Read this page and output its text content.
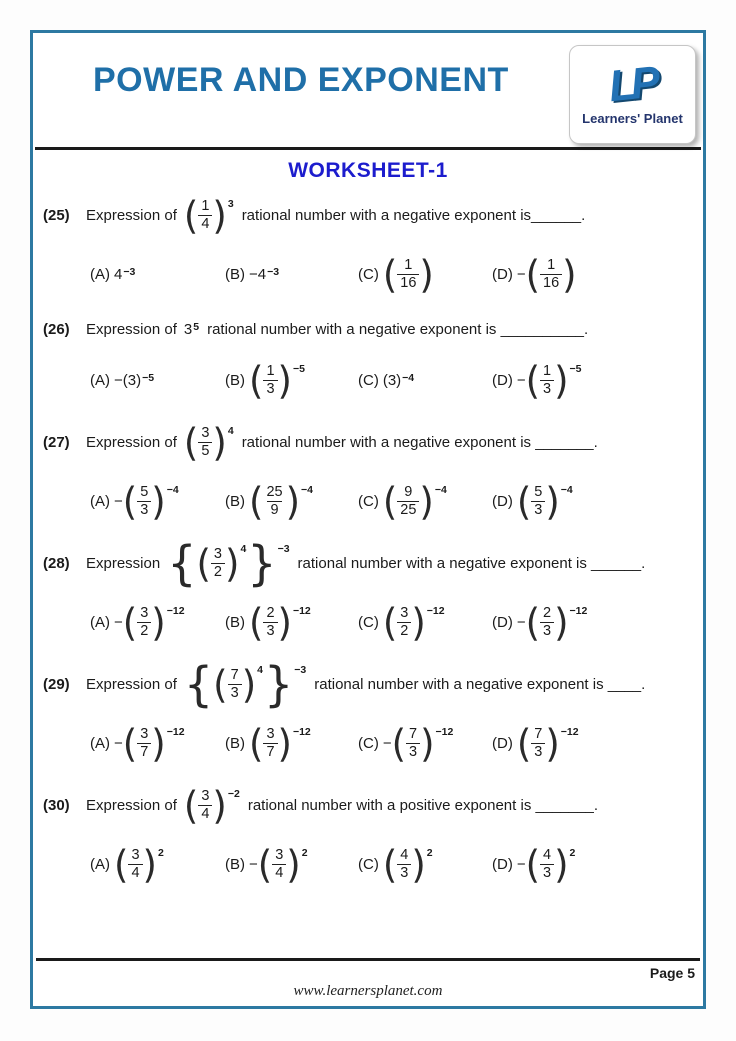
POWER AND EXPONENT LP
Learners' Planet
WORKSHEET-1
(25)	Expression of ( $\frac{1}{4} )^3$
rational number with a negative exponent is______.
(A) 4 −3	(B) −4 −3	(C) ( $\frac{1}{16}$ )	(D) − ( $\frac{1}{16}$ )
(26)	Expression of 3 5 rational number with a negative exponent is __________.
(A) −(3) −5	(B) ( $\frac{1}{3} )^{-5}$
(C) (3) −4	(D) − ( $\frac{1}{3} )^{-5}$
(27)	Expression of ( $\frac{3}{5} )^4$
rational number with a negative exponent is _______.
(A) − ( $\frac{5}{3} )^{-4}$
(B) ( $\frac{25}{9} )^{-4}$
(C) ( $\frac{9}{25} )^{-4}$
(D) ( $\frac{5}{3} )^{-4}$
(28)	Expression { ( $\frac{3}{2} )^4$ }$^{-3}$
rational number with a negative exponent is ______.
(A) − ( $\frac{3}{2} )^{-12}$
(B) ( $\frac{2}{3} )^{-12}$
(C) ( $\frac{3}{2} )^{-12}$
(D) − ( $\frac{2}{3} )^{-12}$
(29)	Expression of { ( $\frac{7}{3} )^4$ }$^{-3}$
rational number with a negative exponent is ____.
(A) − ( $\frac{3}{7} )^{-12}$
(B) ( $\frac{3}{7} )^{-12}$
(C) − ( $\frac{7}{3} )^{-12}$
(D) ( $\frac{7}{3} )^{-12}$
(30)	Expression of ( $\frac{3}{4} )^{-2}$
rational number with a positive exponent is _______.
(A) ( $\frac{3}{4} )^2$
(B) − ( $\frac{3}{4} )^2$
(C) ( $\frac{4}{3} )^2$
(D) − ( $\frac{4}{3} )^2$
Page 5
www.learnersplanet.com
